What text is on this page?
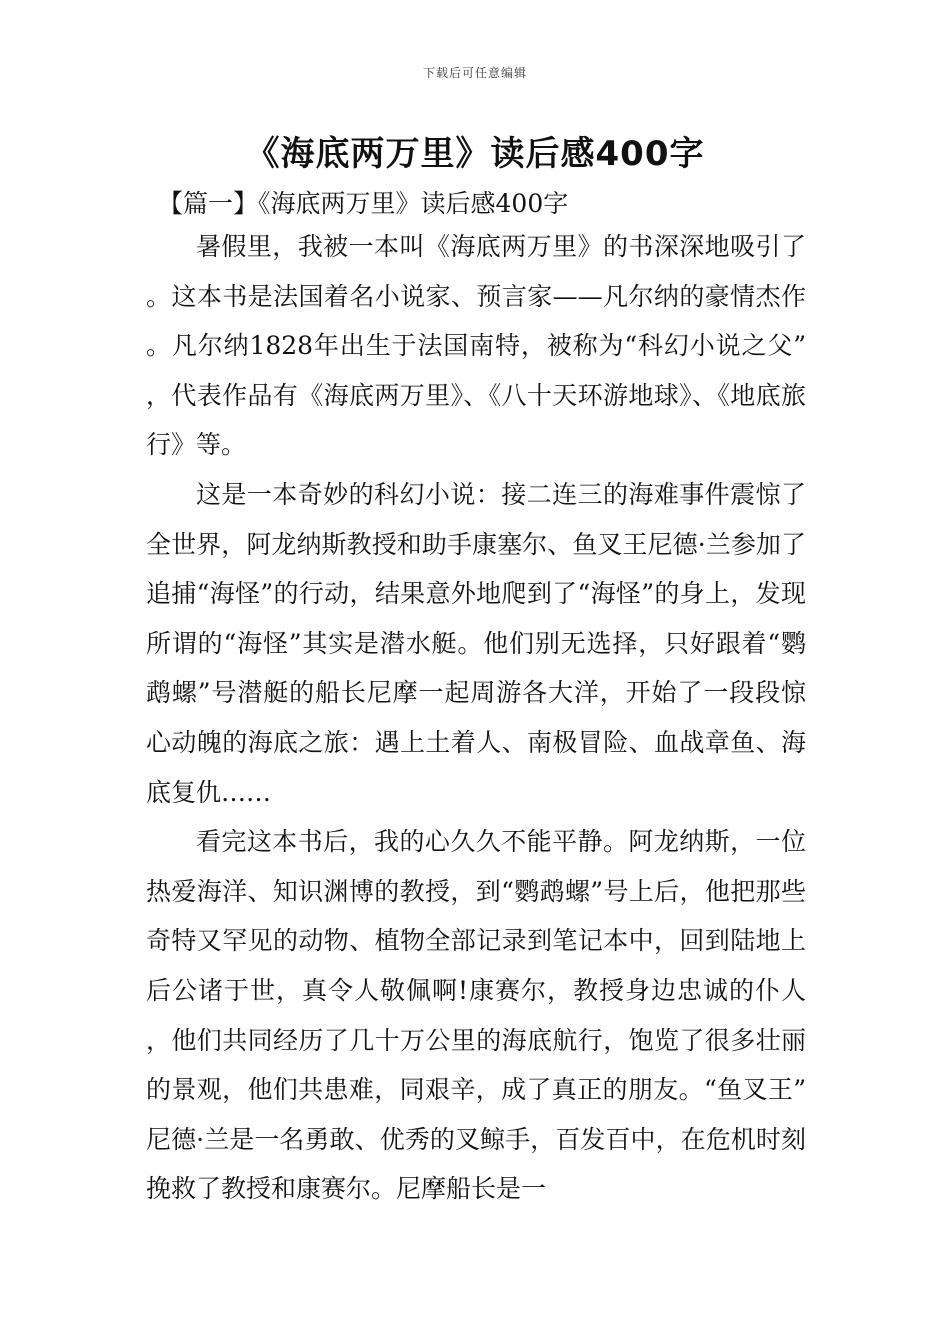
下载后可任意编辑
《海底两万里》读后感400字
【篇一】《海底两万里》读后感400字

暑假里，我被一本叫《海底两万里》的书深深地吸引了。这本书是法国着名小说家、预言家——凡尔纳的豪情杰作。凡尔纳1828年出生于法国南特，被称为“科幻小说之父”，代表作品有《海底两万里》、《八十天环游地球》、《地底旅行》等。

这是一本奇妙的科幻小说：接二连三的海难事件震惊了全世界，阿龙纳斯教授和助手康塞尔、鱼叉王尼德·兰参加了追捕“海怪”的行动，结果意外地爬到了“海怪”的身上，发现所谓的“海怪”其实是潜水艇。他们别无选择，只好跟着“鹦鹉螺”号潜艇的船长尼摩一起周游各大洋，开始了一段段惊心动魄的海底之旅：遇上土着人、南极冒险、血战章鱼、海底复仇……

看完这本书后，我的心久久不能平静。阿龙纳斯，一位热爱海洋、知识渊博的教授，到“鹦鹉螺”号上后，他把那些奇特又罕见的动物、植物全部记录到笔记本中，回到陆地上后公诸于世，真令人敬佩啊!康赛尔，教授身边忠诚的仆人，他们共同经历了几十万公里的海底航行，饱览了很多壮丽的景观，他们共患难，同艰辛，成了真正的朋友。“鱼叉王”尼德·兰是一名勇敢、优秀的叉鲸手，百发百中，在危机时刻挽救了教授和康赛尔。尼摩船长是一
